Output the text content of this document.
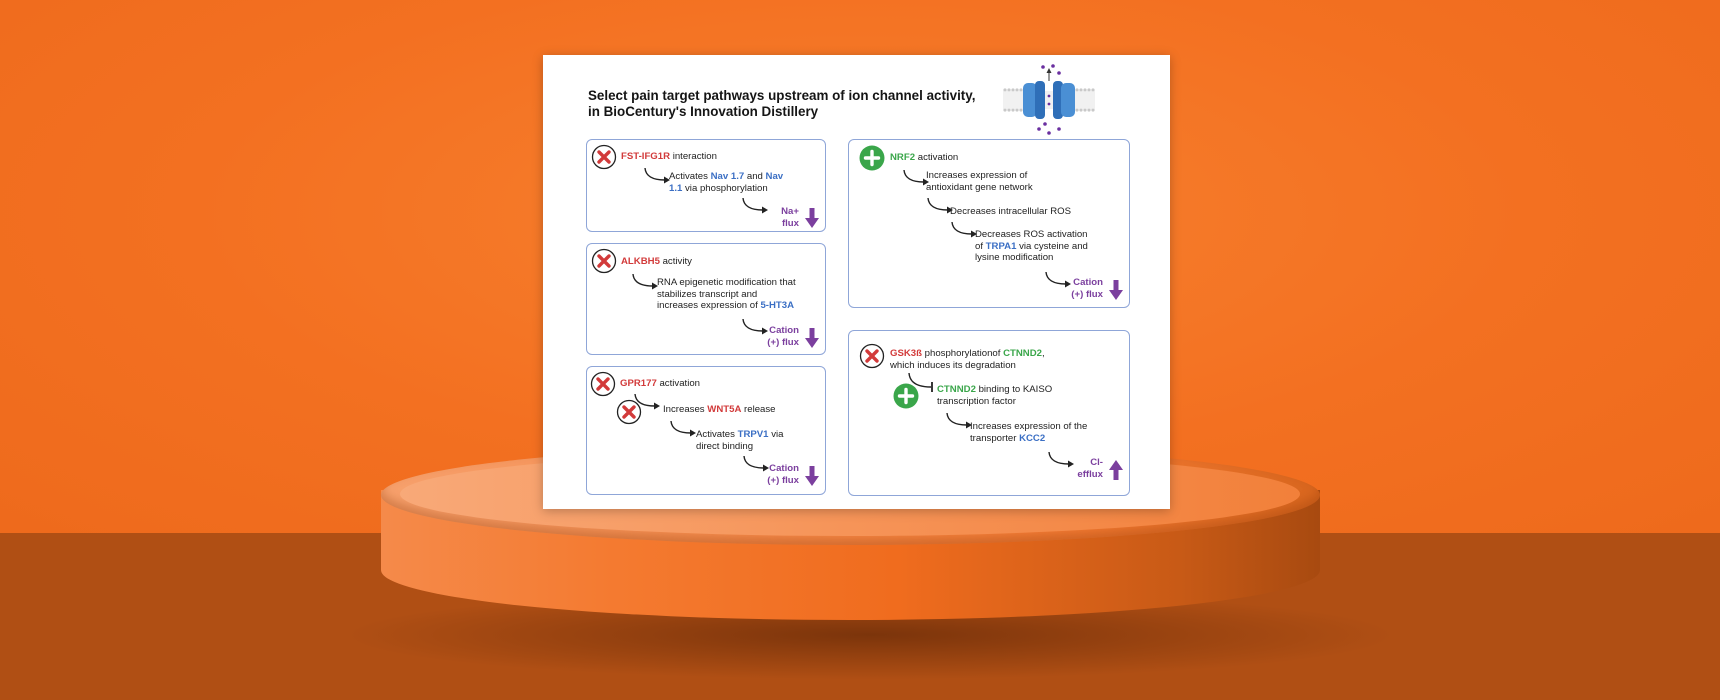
Select pain target pathways upstream of ion channel activity,
in BioCentury's Innovation Distillery
FST-IFG1R interaction
Activates Nav 1.7 and Nav
1.1 via phosphorylation
Na+
flux
ALKBH5 activity
RNA epigenetic modification that
stabilizes transcript and
increases expression of 5-HT3A
Cation
(+) flux
GPR177 activation
Increases WNT5A release
Activates TRPV1 via
direct binding
Cation
(+) flux
NRF2 activation
Increases expression of
antioxidant gene network
Decreases intracellular ROS
Decreases ROS activation
of TRPA1 via cysteine and
lysine modification
Cation
(+) flux
GSK3ß phosphorylationof CTNND2,
which induces its degradation
CTNND2 binding to KAISO
transcription factor
Increases expression of the
transporter KCC2
Cl-
efflux
